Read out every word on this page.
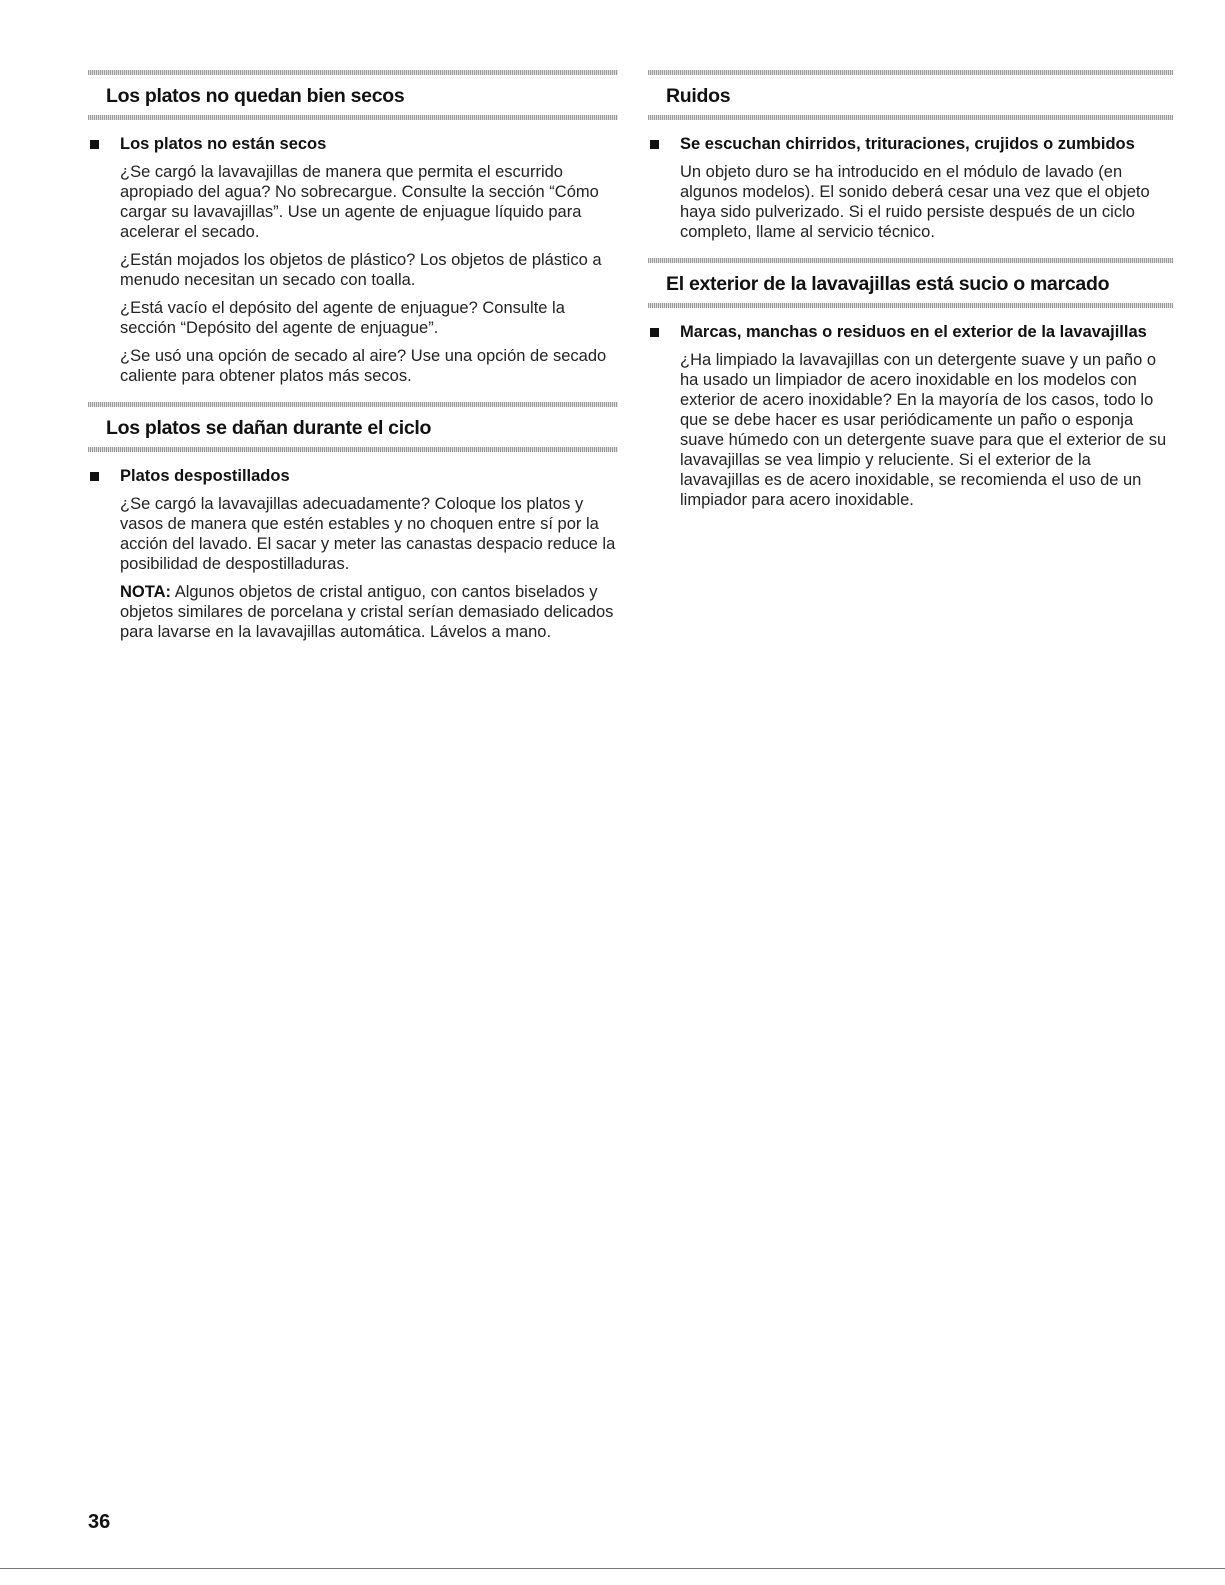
Los platos no quedan bien secos
Los platos no están secos

¿Se cargó la lavavajillas de manera que permita el escurrido apropiado del agua? No sobrecargue. Consulte la sección “Cómo cargar su lavavajillas”. Use un agente de enjuague líquido para acelerar el secado.

¿Están mojados los objetos de plástico? Los objetos de plástico a menudo necesitan un secado con toalla.

¿Está vacío el depósito del agente de enjuague? Consulte la sección “Depósito del agente de enjuague”.

¿Se usó una opción de secado al aire? Use una opción de secado caliente para obtener platos más secos.

Los platos se dañan durante el ciclo
Platos despostillados

¿Se cargó la lavavajillas adecuadamente? Coloque los platos y vasos de manera que estén estables y no choquen entre sí por la acción del lavado. El sacar y meter las canastas despacio reduce la posibilidad de despostilladuras.

NOTA: Algunos objetos de cristal antiguo, con cantos biselados y objetos similares de porcelana y cristal serían demasiado delicados para lavarse en la lavavajillas automática. Lávelos a mano.

Ruidos
Se escuchan chirridos, trituraciones, crujidos o zumbidos

Un objeto duro se ha introducido en el módulo de lavado (en algunos modelos). El sonido deberá cesar una vez que el objeto haya sido pulverizado. Si el ruido persiste después de un ciclo completo, llame al servicio técnico.

El exterior de la lavavajillas está sucio o marcado
Marcas, manchas o residuos en el exterior de la lavavajillas

¿Ha limpiado la lavavajillas con un detergente suave y un paño o ha usado un limpiador de acero inoxidable en los modelos con exterior de acero inoxidable? En la mayoría de los casos, todo lo que se debe hacer es usar periódicamente un paño o esponja suave húmedo con un detergente suave para que el exterior de su lavavajillas se vea limpio y reluciente. Si el exterior de la lavavajillas es de acero inoxidable, se recomienda el uso de un limpiador para acero inoxidable.

36
